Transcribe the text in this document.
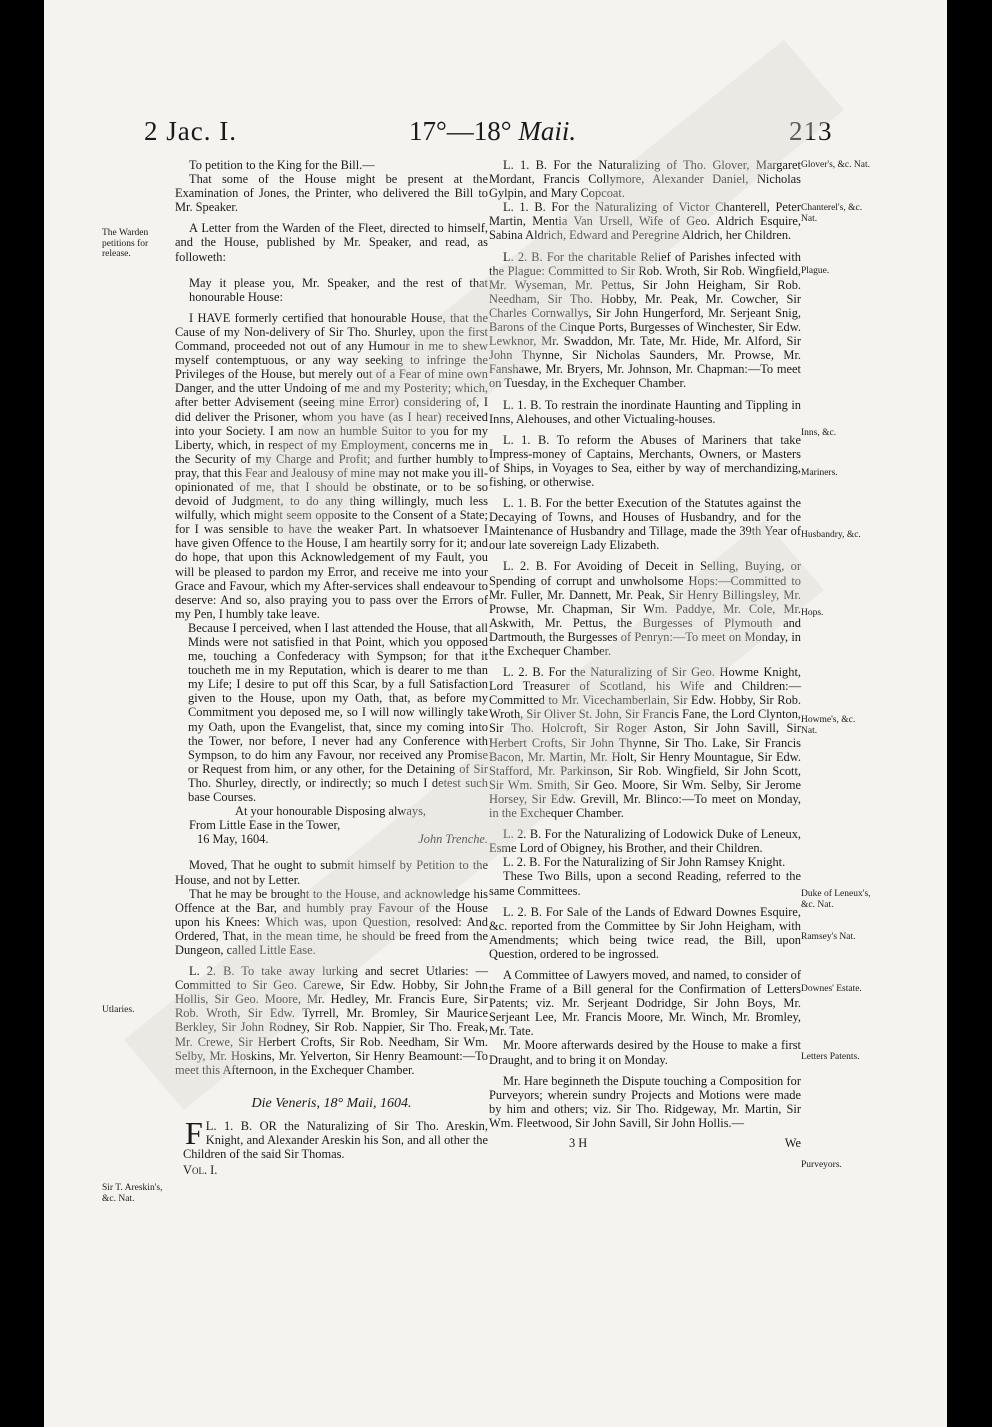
2 Jac. I.	17°—18° Maii.	213

To petition to the King for the Bill.—

That some of the House might be present at the Examination of Jones, the Printer, who delivered the Bill to Mr. Speaker.

A Letter from the Warden of the Fleet, directed to himself, and the House, published by Mr. Speaker, and read, as followeth:

May it please you, Mr. Speaker, and the rest of that honourable House:

I HAVE formerly certified that honourable House, that the Cause of my Non-delivery of Sir Tho. Shurley, upon the first Command, proceeded not out of any Humour in me to shew myself contemptuous, or any way seeking to infringe the Privileges of the House, but merely out of a Fear of mine own Danger, and the utter Undoing of me and my Posterity; which, after better Advisement (seeing mine Error) considering of, I did deliver the Prisoner, whom you have (as I hear) received into your Society. I am now an humble Suitor to you for my Liberty, which, in respect of my Employment, concerns me in the Security of my Charge and Profit; and further humbly to pray, that this Fear and Jealousy of mine may not make you ill-opinionated of me, that I should be obstinate, or to be so devoid of Judgment, to do any thing willingly, much less wilfully, which might seem opposite to the Consent of a State; for I was sensible to have the weaker Part. In whatsoever I have given Offence to the House, I am heartily sorry for it; and do hope, that upon this Acknowledgement of my Fault, you will be pleased to pardon my Error, and receive me into your Grace and Favour, which my After-services shall endeavour to deserve: And so, also praying you to pass over the Errors of my Pen, I humbly take leave.

Because I perceived, when I last attended the House, that all Minds were not satisfied in that Point, which you opposed me, touching a Confederacy with Sympson; for that it toucheth me in my Reputation, which is dearer to me than my Life; I desire to put off this Scar, by a full Satisfaction given to the House, upon my Oath, that, as before my Commitment you deposed me, so I will now willingly take my Oath, upon the Evangelist, that, since my coming into the Tower, nor before, I never had any Conference with Sympson, to do him any Favour, nor received any Promise or Request from him, or any other, for the Detaining of Sir Tho. Shurley, directly, or indirectly; so much I detest such base Courses.

At your honourable Disposing always,

From Little Ease in the Tower,

16 May, 1604.	John Trenche.

Moved, That he ought to submit himself by Petition to the House, and not by Letter.

That he may be brought to the House, and acknowledge his Offence at the Bar, and humbly pray Favour of the House upon his Knees: Which was, upon Question, resolved: And Ordered, That, in the mean time, he should be freed from the Dungeon, called Little Ease.

L. 2. B. To take away lurking and secret Utlaries: —Committed to Sir Geo. Carewe, Sir Edw. Hobby, Sir John Hollis, Sir Geo. Moore, Mr. Hedley, Mr. Francis Eure, Sir Rob. Wroth, Sir Edw. Tyrrell, Mr. Bromley, Sir Maurice Berkley, Sir John Rodney, Sir Rob. Nappier, Sir Tho. Freak, Mr. Crewe, Sir Herbert Crofts, Sir Rob. Needham, Sir Wm. Selby, Mr. Hoskins, Mr. Yelverton, Sir Henry Beamount:—To meet this Afternoon, in the Exchequer Chamber.

Die Veneris, 18° Maii, 1604.

L. 1. B.
F	OR the Naturalizing of Sir Tho. Areskin, Knight, and Alexander Areskin his Son, and all other the Children of the said Sir Thomas.

Vol. I.

L. 1. B. For the Naturalizing of Tho. Glover, Margaret Mordant, Francis Collymore, Alexander Daniel, Nicholas Gylpin, and Mary Copcoat.

L. 1. B. For the Naturalizing of Victor Chanterell, Peter Martin, Mentia Van Ursell, Wife of Geo. Aldrich Esquire, Sabina Aldrich, Edward and Peregrine Aldrich, her Children.

L. 2. B. For the charitable Relief of Parishes infected with the Plague: Committed to Sir Rob. Wroth, Sir Rob. Wingfield, Mr. Wyseman, Mr. Pettus, Sir John Heigham, Sir Rob. Needham, Sir Tho. Hobby, Mr. Peak, Mr. Cowcher, Sir Charles Cornwallys, Sir John Hungerford, Mr. Serjeant Snig, Barons of the Cinque Ports, Burgesses of Winchester, Sir Edw. Lewknor, Mr. Swaddon, Mr. Tate, Mr. Hide, Mr. Alford, Sir John Thynne, Sir Nicholas Saunders, Mr. Prowse, Mr. Fanshawe, Mr. Bryers, Mr. Johnson, Mr. Chapman:—To meet on Tuesday, in the Exchequer Chamber.

L. 1. B. To restrain the inordinate Haunting and Tippling in Inns, Alehouses, and other Victualing-houses.

L. 1. B. To reform the Abuses of Mariners that take Impress-money of Captains, Merchants, Owners, or Masters of Ships, in Voyages to Sea, either by way of merchandizing, fishing, or otherwise.

L. 1. B. For the better Execution of the Statutes against the Decaying of Towns, and Houses of Husbandry, and for the Maintenance of Husbandry and Tillage, made the 39th Year of our late sovereign Lady Elizabeth.

L. 2. B. For Avoiding of Deceit in Selling, Buying, or Spending of corrupt and unwholsome Hops:—Committed to Mr. Fuller, Mr. Dannett, Mr. Peak, Sir Henry Billingsley, Mr. Prowse, Mr. Chapman, Sir Wm. Paddye, Mr. Cole, Mr. Askwith, Mr. Pettus, the Burgesses of Plymouth and Dartmouth, the Burgesses of Penryn:—To meet on Monday, in the Exchequer Chamber.

L. 2. B. For the Naturalizing of Sir Geo. Howme Knight, Lord Treasurer of Scotland, his Wife and Children:—Committed to Mr. Vicechamberlain, Sir Edw. Hobby, Sir Rob. Wroth, Sir Oliver St. John, Sir Francis Fane, the Lord Clynton, Sir Tho. Holcroft, Sir Roger Aston, Sir John Savill, Sir Herbert Crofts, Sir John Thynne, Sir Tho. Lake, Sir Francis Bacon, Mr. Martin, Mr. Holt, Sir Henry Mountague, Sir Edw. Stafford, Mr. Parkinson, Sir Rob. Wingfield, Sir John Scott, Sir Wm. Smith, Sir Geo. Moore, Sir Wm. Selby, Sir Jerome Horsey, Sir Edw. Grevill, Mr. Blinco:—To meet on Monday, in the Exchequer Chamber.

L. 2. B. For the Naturalizing of Lodowick Duke of Leneux, Esme Lord of Obigney, his Brother, and their Children.

L. 2. B. For the Naturalizing of Sir John Ramsey Knight.

These Two Bills, upon a second Reading, referred to the same Committees.

L. 2. B. For Sale of the Lands of Edward Downes Esquire, &c. reported from the Committee by Sir John Heigham, with Amendments; which being twice read, the Bill, upon Question, ordered to be ingrossed.

A Committee of Lawyers moved, and named, to consider of the Frame of a Bill general for the Confirmation of Letters Patents; viz. Mr. Serjeant Dodridge, Sir John Boys, Mr. Serjeant Lee, Mr. Francis Moore, Mr. Winch, Mr. Bromley, Mr. Tate.

Mr. Moore afterwards desired by the House to make a first Draught, and to bring it on Monday.

Mr. Hare beginneth the Dispute touching a Composition for Purveyors; wherein sundry Projects and Motions were made by him and others; viz. Sir Tho. Ridgeway, Mr. Martin, Sir Wm. Fleetwood, Sir John Savill, Sir John Hollis.—

3 H	We
The Warden petitions for release.
Utlaries.
Sir T. Areskin's, &c. Nat.
Glover's, &c. Nat.
Chanterel's, &c. Nat.
Plague.
Inns, &c.
Mariners.
Husbandry, &c.
Hops.
Howme's, &c. Nat.
Duke of Leneux's, &c. Nat.
Ramsey's Nat.
Downes' Estate.
Letters Patents.
Purveyors.
